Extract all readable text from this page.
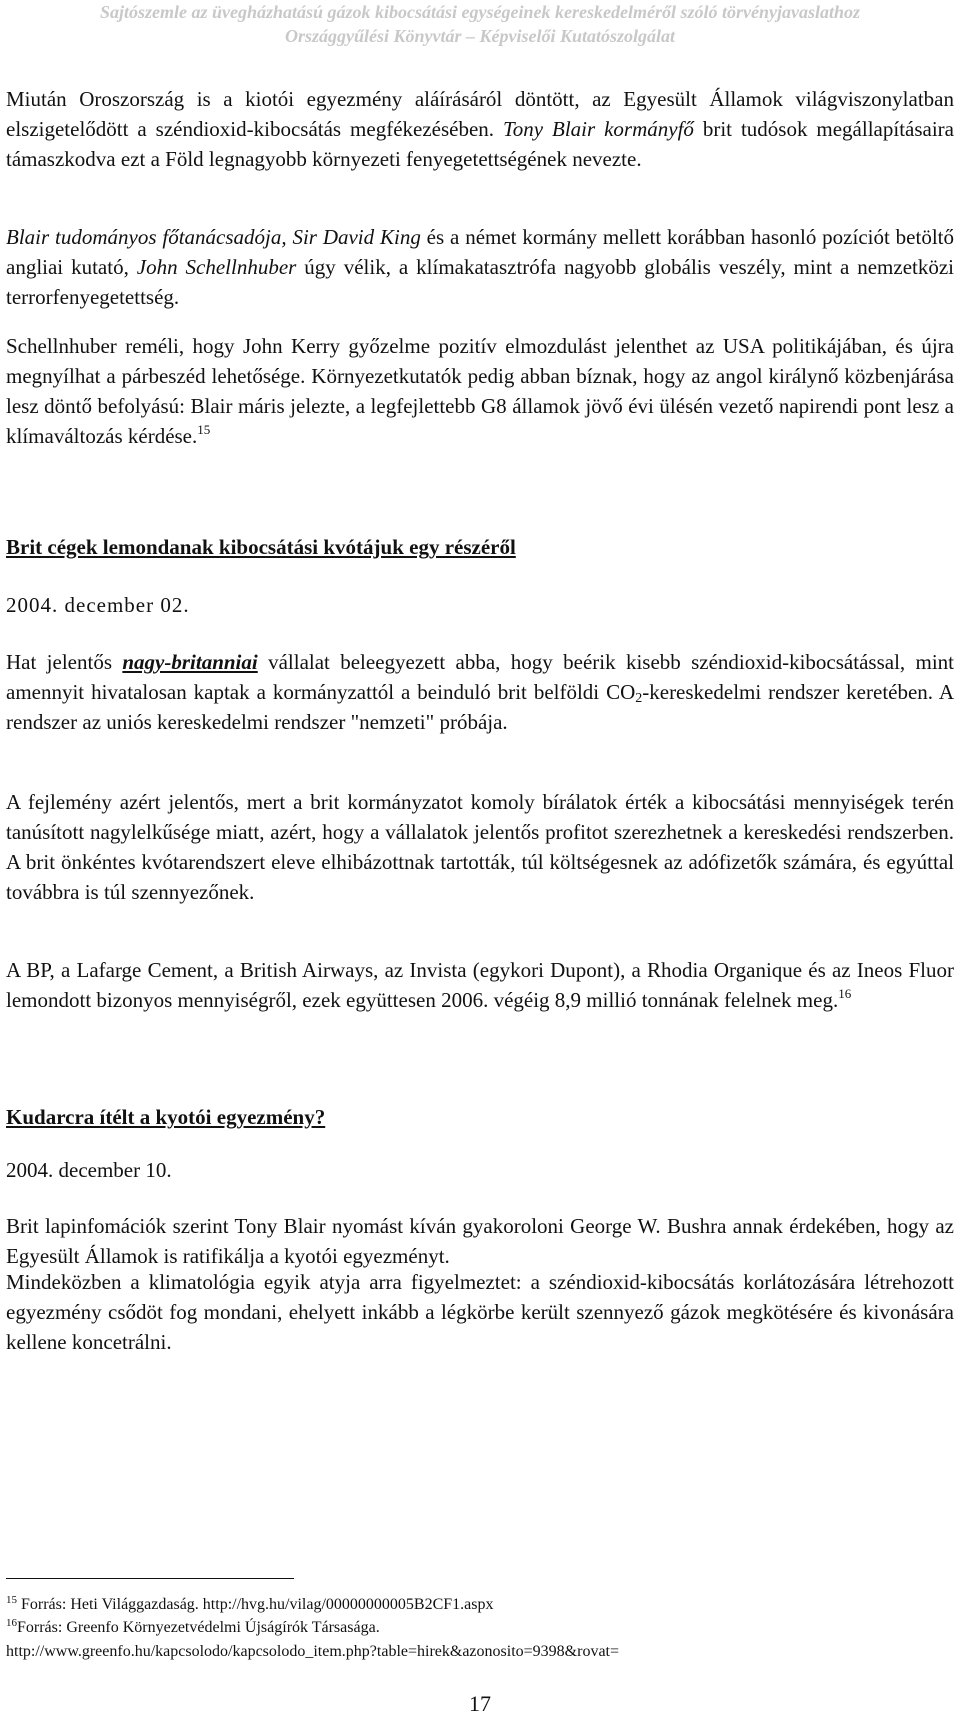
Sajtószemle az üvegházhatású gázok kibocsátási egységeinek kereskedelméről szóló törvényjavaslathoz
Országgyűlési Könyvtár – Képviselői Kutatószolgálat

Miután Oroszország is a kiotói egyezmény aláírásáról döntött, az Egyesült Államok világviszonylatban elszigetelődött a széndioxid-kibocsátás megfékezésében. Tony Blair kormányfő brit tudósok megállapításaira támaszkodva ezt a Föld legnagyobb környezeti fenyegetettségének nevezte.

Blair tudományos főtanácsadója, Sir David King és a német kormány mellett korábban hasonló pozíciót betöltő angliai kutató, John Schellnhuber úgy vélik, a klímakatasztrófa nagyobb globális veszély, mint a nemzetközi terrorfenyegetettség.

Schellnhuber reméli, hogy John Kerry győzelme pozitív elmozdulást jelenthet az USA politikájában, és újra megnyílhat a párbeszéd lehetősége. Környezetkutatók pedig abban bíznak, hogy az angol királynő közbenjárása lesz döntő befolyású: Blair máris jelezte, a legfejlettebb G8 államok jövő évi ülésén vezető napirendi pont lesz a klímaváltozás kérdése.$^{15}$

Brit cégek lemondanak kibocsátási kvótájuk egy részéről

2004. december 02.

Hat jelentős nagy-britanniai vállalat beleegyezett abba, hogy beérik kisebb széndioxid-kibocsátással, mint amennyit hivatalosan kaptak a kormányzattól a beinduló brit belföldi $CO_2$-kereskedelmi rendszer keretében. A rendszer az uniós kereskedelmi rendszer "nemzeti" próbája.

A fejlemény azért jelentős, mert a brit kormányzatot komoly bírálatok érték a kibocsátási mennyiségek terén tanúsított nagylelkűsége miatt, azért, hogy a vállalatok jelentős profitot szerezhetnek a kereskedési rendszerben. A brit önkéntes kvótarendszert eleve elhibázottnak tartották, túl költségesnek az adófizetők számára, és egyúttal továbbra is túl szennyezőnek.

A BP, a Lafarge Cement, a British Airways, az Invista (egykori Dupont), a Rhodia Organique és az Ineos Fluor lemondott bizonyos mennyiségről, ezek együttesen 2006. végéig 8,9 millió tonnának felelnek meg.$^{16}$

Kudarcra ítélt a kyotói egyezmény?

2004. december 10.

Brit lapinfomációk szerint Tony Blair nyomást kíván gyakoroloni George W. Bushra annak érdekében, hogy az Egyesült Államok is ratifikálja a kyotói egyezményt.

Mindeközben a klimatológia egyik atyja arra figyelmeztet: a széndioxid-kibocsátás korlátozására létrehozott egyezmény csődöt fog mondani, ehelyett inkább a légkörbe került szennyező gázok megkötésére és kivonására kellene koncetrálni.

$^{15}$ Forrás: Heti Világgazdaság. http://hvg.hu/vilag/00000000005B2CF1.aspx

$^{16}$Forrás: Greenfo Környezetvédelmi Újságírók Társasága.

http://www.greenfo.hu/kapcsolodo/kapcsolodo_item.php?table=hirek&azonosito=9398&rovat=

17
